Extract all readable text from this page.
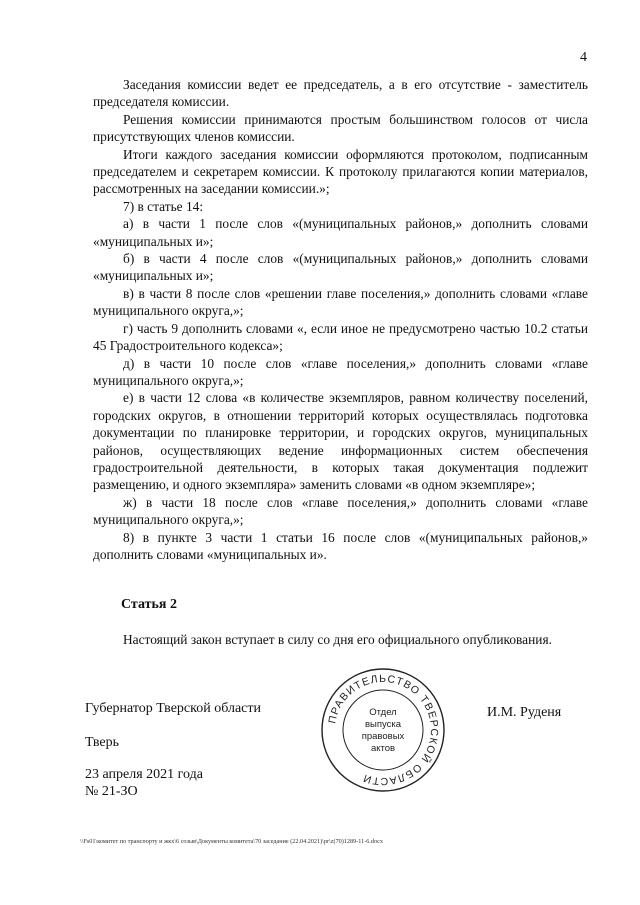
4

Заседания комиссии ведет ее председатель, а в его отсутствие - заместитель председателя комиссии.

Решения комиссии принимаются простым большинством голосов от числа присутствующих членов комиссии.

Итоги каждого заседания комиссии оформляются протоколом, подписанным председателем и секретарем комиссии. К протоколу прилагаются копии материалов, рассмотренных на заседании комиссии.»;

7) в статье 14:

а) в части 1 после слов «(муниципальных районов,» дополнить словами «муниципальных и»;

б) в части 4 после слов «(муниципальных районов,» дополнить словами «муниципальных и»;

в) в части 8 после слов «решении главе поселения,» дополнить словами «главе муниципального округа,»;

г) часть 9 дополнить словами «, если иное не предусмотрено частью 10.2 статьи 45 Градостроительного кодекса»;

д) в части 10 после слов «главе поселения,» дополнить словами «главе муниципального округа,»;

е) в части 12 слова «в количестве экземпляров, равном количеству поселений, городских округов, в отношении территорий которых осуществлялась подготовка документации по планировке территории, и городских округов, муниципальных районов, осуществляющих ведение информационных систем обеспечения градостроительной деятельности, в которых такая документация подлежит размещению, и одного экземпляра» заменить словами «в одном экземпляре»;

ж) в части 18 после слов «главе поселения,» дополнить словами «главе муниципального округа,»;

8) в пункте 3 части 1 статьи 16 после слов «(муниципальных районов,» дополнить словами «муниципальных и».

Статья 2

Настоящий закон вступает в силу со дня его официального опубликования.

Губернатор Тверской области	И.М. Руденя
Тверь
23 апреля 2021 года
№ 21-ЗО
ПРАВИТЕЛЬСТВО ТВЕРСКОЙ ОБЛАСТИ
Отдел
выпуска
правовых
актов
\\Fs01\комитет по транспорту и жкх\6 созыв\Документы комитета\70 заседание (22.04.2021)\pr\z(70)1289-11-6.docx
